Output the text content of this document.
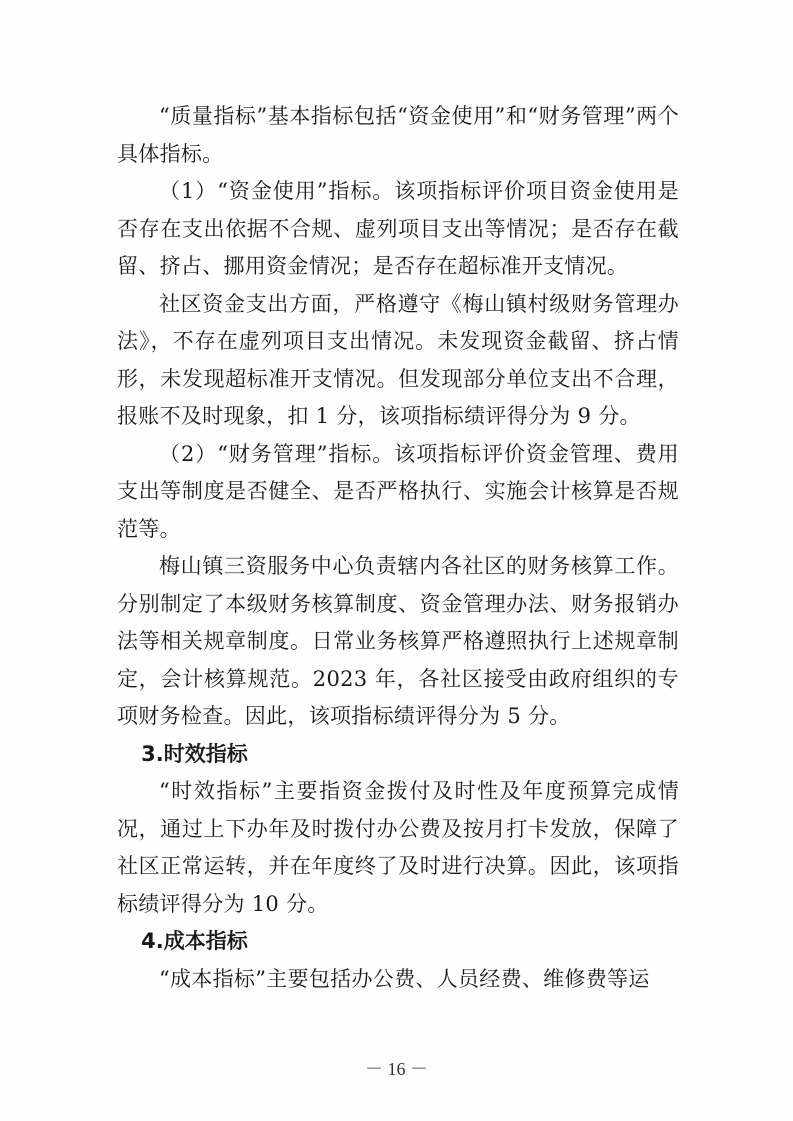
“质量指标”基本指标包括“资金使用”和“财务管理”两个具体指标。

（1）“资金使用”指标。该项指标评价项目资金使用是否存在支出依据不合规、虚列项目支出等情况；是否存在截留、挤占、挪用资金情况；是否存在超标准开支情况。

社区资金支出方面，严格遵守《梅山镇村级财务管理办法》，不存在虚列项目支出情况。未发现资金截留、挤占情形，未发现超标准开支情况。但发现部分单位支出不合理，报账不及时现象，扣 1 分，该项指标绩评得分为 9 分。

（2）“财务管理”指标。该项指标评价资金管理、费用支出等制度是否健全、是否严格执行、实施会计核算是否规范等。

梅山镇三资服务中心负责辖内各社区的财务核算工作。分别制定了本级财务核算制度、资金管理办法、财务报销办法等相关规章制度。日常业务核算严格遵照执行上述规章制定，会计核算规范。2023 年，各社区接受由政府组织的专项财务检查。因此，该项指标绩评得分为 5 分。

3.时效指标

“时效指标”主要指资金拨付及时性及年度预算完成情况，通过上下办年及时拨付办公费及按月打卡发放，保障了社区正常运转，并在年度终了及时进行决算。因此，该项指标绩评得分为 10 分。

4.成本指标

“成本指标”主要包括办公费、人员经费、维修费等运

－ 16 －
